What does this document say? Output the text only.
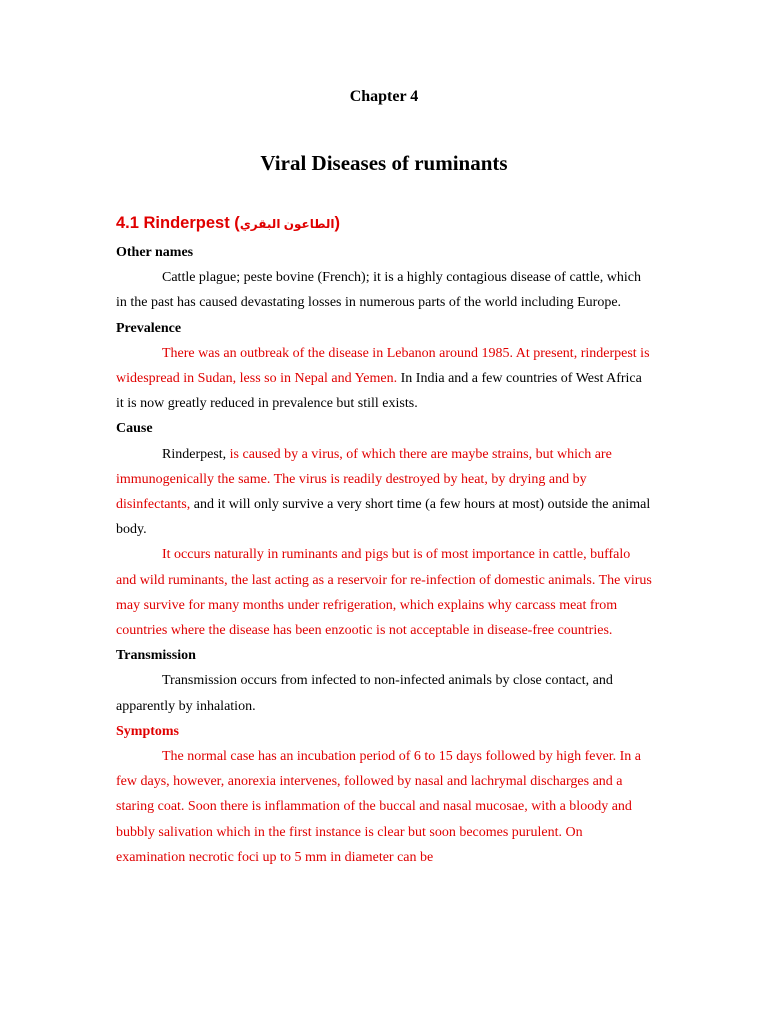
Chapter 4
Viral Diseases of ruminants
4.1 Rinderpest (الطاعون البقري)
Other names

Cattle plague; peste bovine (French); it is a highly contagious disease of cattle, which in the past has caused devastating losses in numerous parts of the world including Europe.

Prevalence

There was an outbreak of the disease in Lebanon around 1985. At present, rinderpest is widespread in Sudan, less so in Nepal and Yemen. In India and a few countries of West Africa it is now greatly reduced in prevalence but still exists.

Cause

Rinderpest, is caused by a virus, of which there are maybe strains, but which are immunogenically the same. The virus is readily destroyed by heat, by drying and by disinfectants, and it will only survive a very short time (a few hours at most) outside the animal body.

It occurs naturally in ruminants and pigs but is of most importance in cattle, buffalo and wild ruminants, the last acting as a reservoir for re-infection of domestic animals. The virus may survive for many months under refrigeration, which explains why carcass meat from countries where the disease has been enzootic is not acceptable in disease-free countries.

Transmission

Transmission occurs from infected to non-infected animals by close contact, and apparently by inhalation.

Symptoms

The normal case has an incubation period of 6 to 15 days followed by high fever. In a few days, however, anorexia intervenes, followed by nasal and lachrymal discharges and a staring coat. Soon there is inflammation of the buccal and nasal mucosae, with a bloody and bubbly salivation which in the first instance is clear but soon becomes purulent. On examination necrotic foci up to 5 mm in diameter can be
